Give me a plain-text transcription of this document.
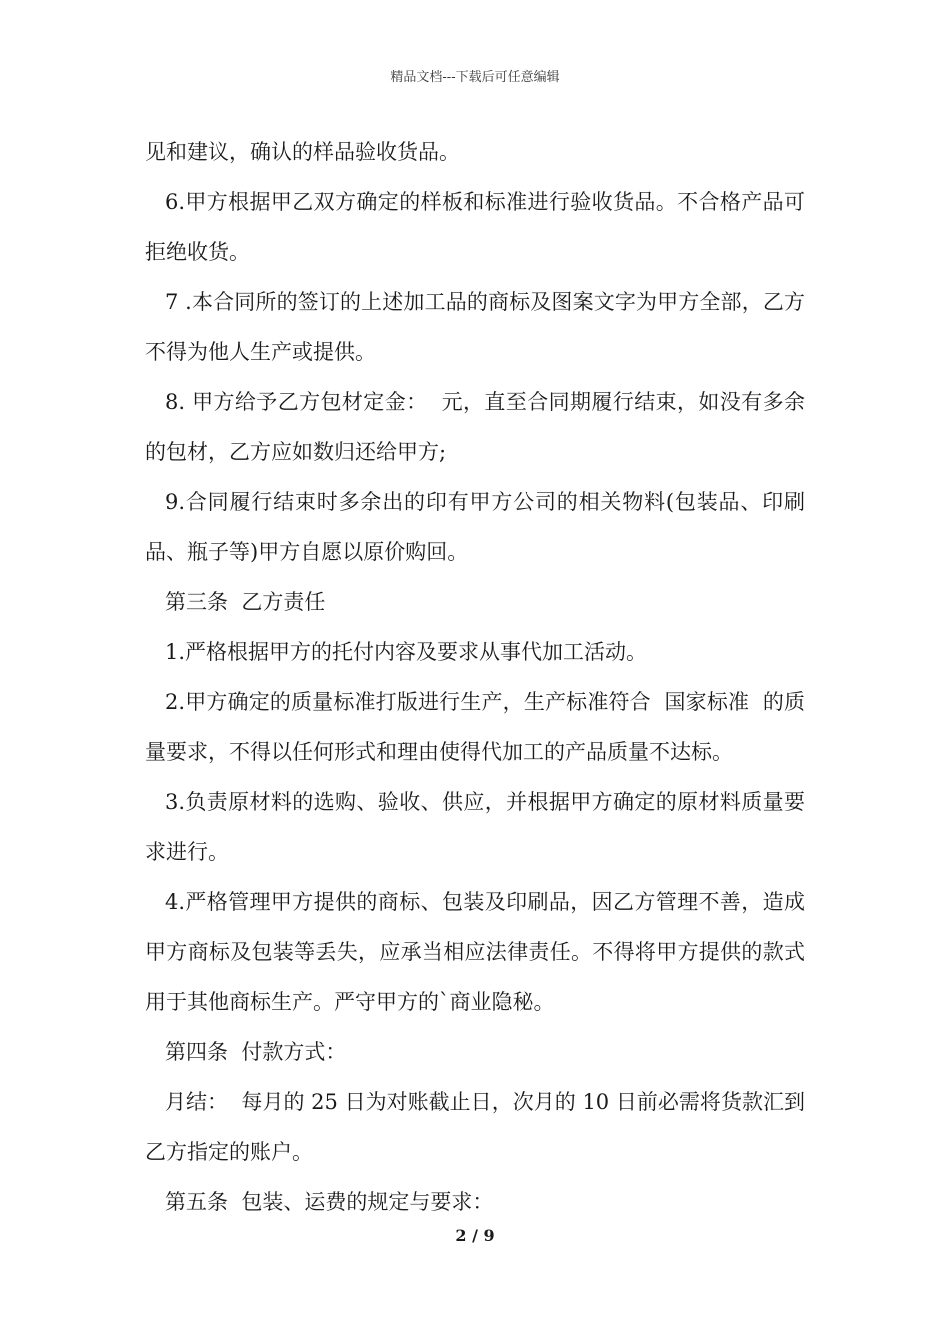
精品文档---下载后可任意编辑

见和建议，确认的样品验收货品。

6.甲方根据甲乙双方确定的样板和标准进行验收货品。不合格产品可拒绝收货。

7 .本合同所的签订的上述加工品的商标及图案文字为甲方全部，乙方不得为他人生产或提供。

8. 甲方给予乙方包材定金：  元，直至合同期履行结束，如没有多余的包材，乙方应如数归还给甲方;

9.合同履行结束时多余出的印有甲方公司的相关物料(包装品、印刷品、瓶子等)甲方自愿以原价购回。

第三条  乙方责任

1.严格根据甲方的托付内容及要求从事代加工活动。

2.甲方确定的质量标准打版进行生产，生产标准符合  国家标准  的质量要求，不得以任何形式和理由使得代加工的产品质量不达标。

3.负责原材料的选购、验收、供应，并根据甲方确定的原材料质量要求进行。

4.严格管理甲方提供的商标、包装及印刷品，因乙方管理不善，造成甲方商标及包装等丢失，应承当相应法律责任。不得将甲方提供的款式用于其他商标生产。严守甲方的`商业隐秘。

第四条  付款方式：

月结：  每月的 25 日为对账截止日，次月的 10 日前必需将货款汇到乙方指定的账户。

第五条  包装、运费的规定与要求：

2 / 9
